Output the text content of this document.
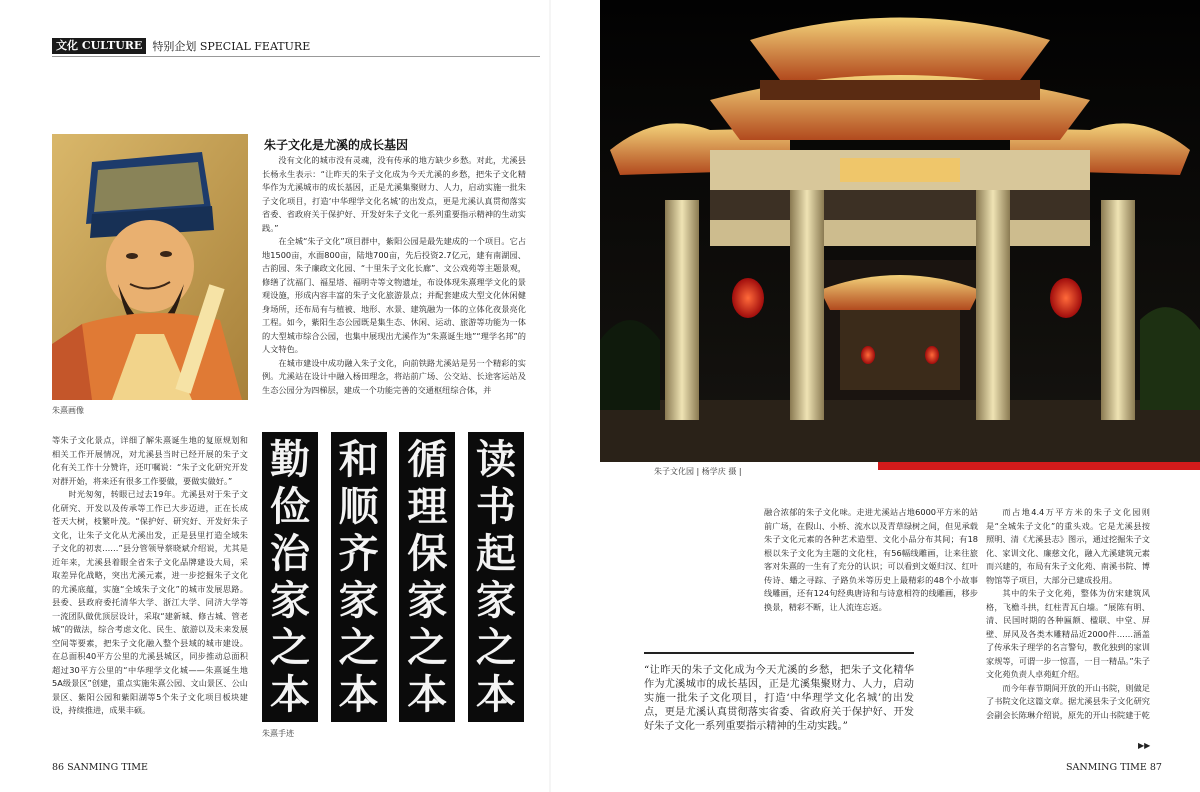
文化 CULTURE 特别企划 SPECIAL FEATURE
朱熹画像
朱子文化是尤溪的成长基因

没有文化的城市没有灵魂，没有传承的地方缺少乡愁。对此，尤溪县长杨永生表示：“让昨天的朱子文化成为今天尤溪的乡愁，把朱子文化精华作为尤溪城市的成长基因，正是尤溪集聚财力、人力，启动实施一批朱子文化项目，打造‘中华理学文化名城’的出发点，更是尤溪认真贯彻落实省委、省政府关于保护好、开发好朱子文化一系列重要指示精神的生动实践。”

在全城“朱子文化”项目群中，紫阳公园是最先建成的一个项目。它占地1500亩，水面800亩，陆地700亩，先后投资2.7亿元，建有南湖园、古韵园、朱子廉政文化园、“十里朱子文化长廊”、文公戏苑等主题景观，修缮了沈福门、福星塔、福明寺等文物遗址，布设体现朱熹理学文化的景观设施，形成内容丰富的朱子文化旅游景点；并配套建成大型文化休闲健身场所，还布局有与植被、地形、水景、建筑融为一体的立体化夜景亮化工程。如今，紫阳生态公园既是集生态、休闲、运动、旅游等功能为一体的大型城市综合公园，也集中展现出尤溪作为“朱熹诞生地”“理学名邦”的人文特色。

在城市建设中成功融入朱子文化，向前铁路尤溪站是另一个精彩的实例。尤溪站在设计中融入杨田理念，将站前广场、公交站、长途客运站及生态公园分为四梯层，建成一个功能完善的交通枢纽综合体，并

等朱子文化景点，详细了解朱熹诞生地的复原规划和相关工作开展情况，对尤溪县当时已经开展的朱子文化有关工作十分赞许，还叮嘱说：“朱子文化研究开发对群开始，将来还有很多工作要做，要做实做好。”

时光匆匆，转眼已过去19年。尤溪县对于朱子文化研究、开发以及传承等工作已大步迈进，正在长成苍天大树，枝繁叶茂。“保护好、研究好、开发好朱子文化，让朱子文化从尤溪出发，正是县里打造全域朱子文化的初衷……”县分管领导蔡晓斌介绍说，尤其是近年来，尤溪县着眼全省朱子文化品牌建设大局，采取差异化战略，突出尤溪元素，进一步挖掘朱子文化的尤溪底蕴，实施“全域朱子文化”的城市发展思路。县委、县政府委托清华大学、浙江大学、同济大学等一流团队做优顶层设计，采取“建新城、修古城、管老城”的做法，综合考虑文化、民生、旅游以及未来发展空间等要素，把朱子文化融入整个县域的城市建设。在总面积40平方公里的尤溪县城区，同步推动总面积超过30平方公里的“中华理学文化城——朱熹诞生地5A级景区”创建，重点实施朱熹公园、文山景区、公山景区、紫阳公园和紫阳湖等5个朱子文化项目板块建设，持续推进，成果丰硕。

读
书
起
家
之
本
循
理
保
家
之
本
和
顺
齐
家
之
本
勤
俭
治
家
之
本
朱熹手迹
86 SANMING TIME
朱子文化园 | 杨学庆 摄 |

融合浓郁的朱子文化味。走进尤溪站占地6000平方米的站前广场，在假山、小桥、流水以及青草绿树之间，但见承载朱子文化元素的各种艺术造型、文化小品分布其间；有18根以朱子文化为主题的文化柱，有56幅线雕画，让来往旅客对朱熹的一生有了充分的认识；可以看到文姬归汉、红叶传诗、蟠之寻踪、子路负米等历史上最精彩的48个小故事线雕画，还有124句经典唐诗和与诗意相符的线雕画，移步换景，精彩不断，让人流连忘返。

而占地4.4万平方米的朱子文化园则是“全城朱子文化”的重头戏。它是尤溪县按照明、清《尤溪县志》图示，通过挖掘朱子文化、家训文化、廉慈文化，融入尤溪建筑元素而兴建的，布局有朱子文化苑、南溪书院、博物馆等子项目，大部分已建成投用。

其中的朱子文化苑，整体为仿宋建筑风格，飞檐斗拱，红柱青瓦白墙。“展陈有明、清、民国时期的各种匾额、楹联、中堂、屏壁、屏风及各类木雕精品近2000件……涵盖了传承朱子理学的名言警句，教化独到的家训家规等，可谓一步一惊喜，一目一精品。”朱子文化苑负责人卓苑虹介绍。

而今年春节期间开放的开山书院，则做足了书院文化这篇文章。据尤溪县朱子文化研究会副会长陈琳介绍说，原先的开山书院建于乾

▶▶
“让昨天的朱子文化成为今天尤溪的乡愁，把朱子文化精华作为尤溪城市的成长基因，正是尤溪集聚财力、人力，启动实施一批朱子文化项目，打造‘中华理学文化名城’的出发点，更是尤溪认真贯彻落实省委、省政府关于保护好、开发好朱子文化一系列重要指示精神的生动实践。”
SANMING TIME 87
